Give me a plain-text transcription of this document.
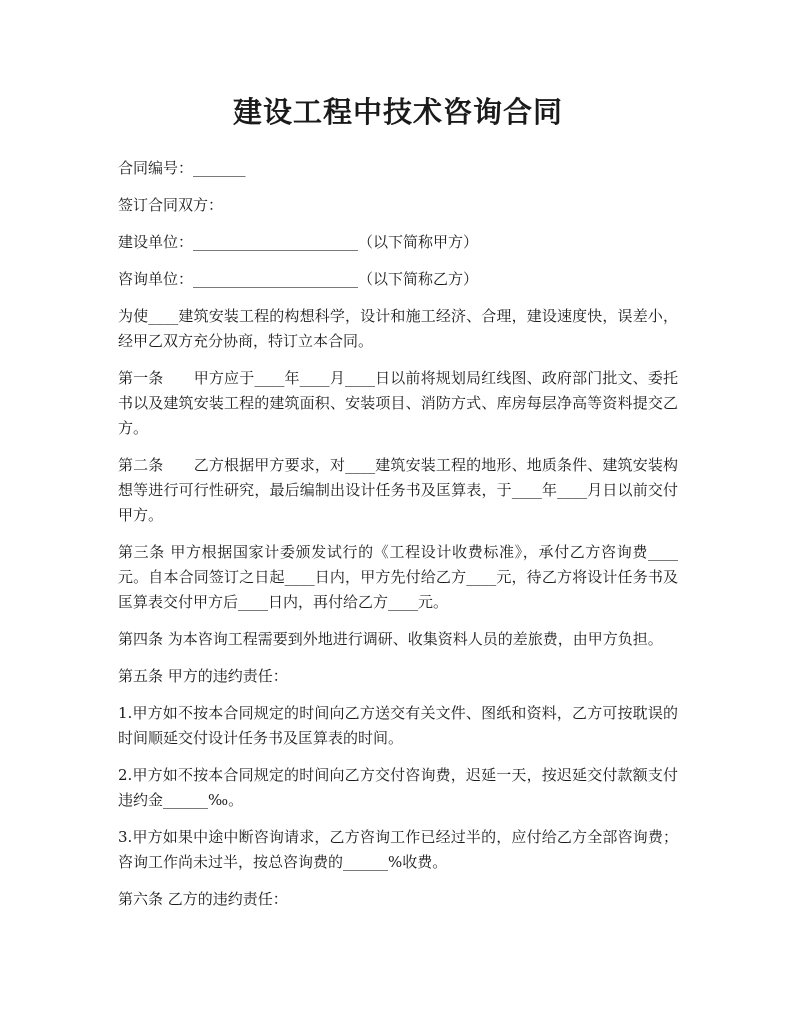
建设工程中技术咨询合同

合同编号：_______

签订合同双方：

建设单位：______________________（以下简称甲方）

咨询单位：______________________（以下简称乙方）

为使____建筑安装工程的构想科学，设计和施工经济、合理，建设速度快，误差小，经甲乙双方充分协商，特订立本合同。

第一条　　甲方应于____年____月____日以前将规划局红线图、政府部门批文、委托书以及建筑安装工程的建筑面积、安装项目、消防方式、库房每层净高等资料提交乙方。

第二条　　乙方根据甲方要求，对____建筑安装工程的地形、地质条件、建筑安装构想等进行可行性研究，最后编制出设计任务书及匡算表，于____年____月日以前交付甲方。

第三条 甲方根据国家计委颁发试行的《工程设计收费标准》，承付乙方咨询费____元。自本合同签订之日起____日内，甲方先付给乙方____元，待乙方将设计任务书及匡算表交付甲方后____日内，再付给乙方____元。

第四条 为本咨询工程需要到外地进行调研、收集资料人员的差旅费，由甲方负担。

第五条 甲方的违约责任：

1.甲方如不按本合同规定的时间向乙方送交有关文件、图纸和资料，乙方可按耽误的时间顺延交付设计任务书及匡算表的时间。

2.甲方如不按本合同规定的时间向乙方交付咨询费，迟延一天，按迟延交付款额支付违约金______‰。

3.甲方如果中途中断咨询请求，乙方咨询工作已经过半的，应付给乙方全部咨询费；咨询工作尚未过半，按总咨询费的______%收费。

第六条 乙方的违约责任：
